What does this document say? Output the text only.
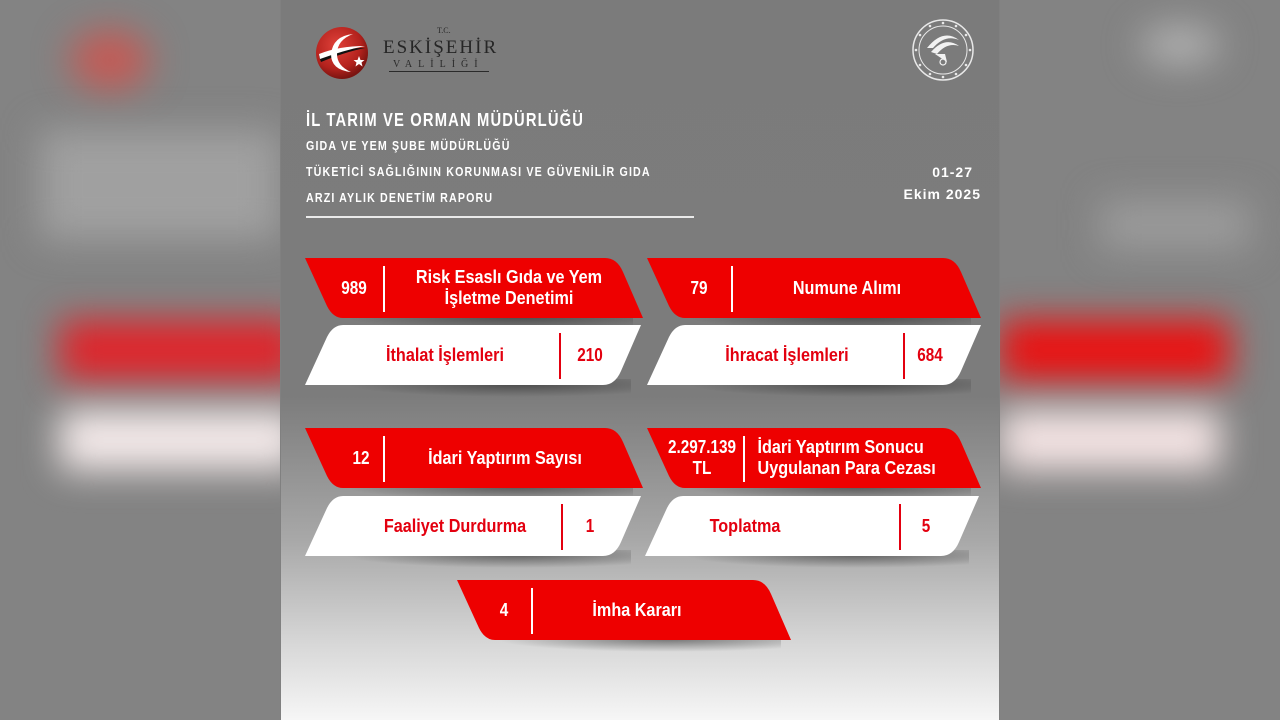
T.C.
ESKİŞEHİR
VALİLİĞİ
İL TARIM VE ORMAN MÜDÜRLÜĞÜ
GIDA VE YEM ŞUBE MÜDÜRLÜĞÜ
TÜKETİCİ SAĞLIĞININ KORUNMASI VE GÜVENİLİR GIDA
ARZI AYLIK DENETİM RAPORU
01-27
Ekim 2025
989
Risk Esaslı Gıda ve Yem
İşletme Denetimi
79	Numune Alımı
İthalat İşlemleri	210	İhracat İşlemleri	684
12	İdari Yaptırım Sayısı
2.297.139
TL
İdari Yaptırım Sonucu
Uygulanan Para Cezası
Faaliyet Durdurma	1	Toplatma	5
4	İmha Kararı
